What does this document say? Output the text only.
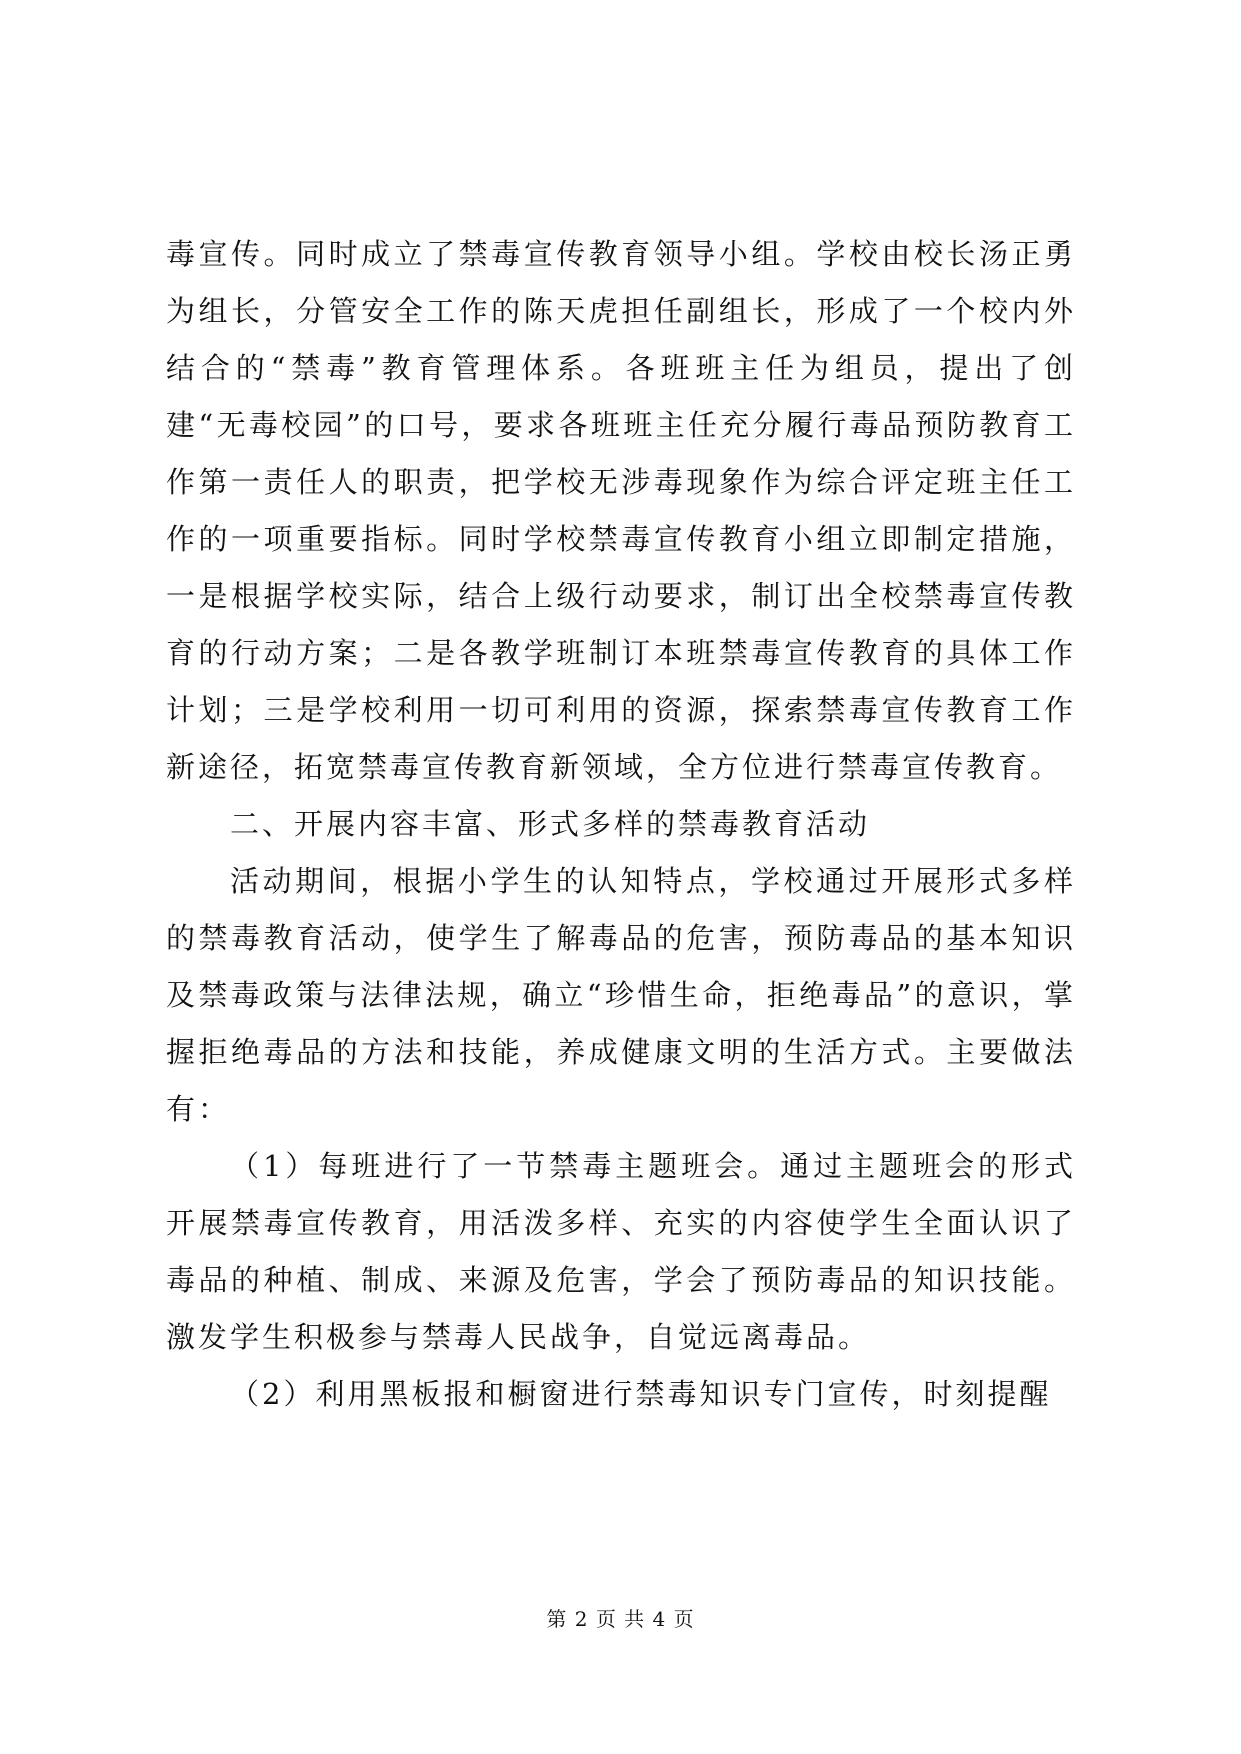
毒宣传。同时成立了禁毒宣传教育领导小组。学校由校长汤正勇为组长，分管安全工作的陈天虎担任副组长，形成了一个校内外结合的“禁毒”教育管理体系。各班班主任为组员，提出了创建“无毒校园”的口号，要求各班班主任充分履行毒品预防教育工作第一责任人的职责，把学校无涉毒现象作为综合评定班主任工作的一项重要指标。同时学校禁毒宣传教育小组立即制定措施，一是根据学校实际，结合上级行动要求，制订出全校禁毒宣传教育的行动方案；二是各教学班制订本班禁毒宣传教育的具体工作计划；三是学校利用一切可利用的资源，探索禁毒宣传教育工作新途径，拓宽禁毒宣传教育新领域，全方位进行禁毒宣传教育。

二、开展内容丰富、形式多样的禁毒教育活动

活动期间，根据小学生的认知特点，学校通过开展形式多样的禁毒教育活动，使学生了解毒品的危害，预防毒品的基本知识及禁毒政策与法律法规，确立“珍惜生命，拒绝毒品”的意识，掌握拒绝毒品的方法和技能，养成健康文明的生活方式。主要做法有：

（1）每班进行了一节禁毒主题班会。通过主题班会的形式开展禁毒宣传教育，用活泼多样、充实的内容使学生全面认识了毒品的种植、制成、来源及危害，学会了预防毒品的知识技能。激发学生积极参与禁毒人民战争，自觉远离毒品。

（2）利用黑板报和橱窗进行禁毒知识专门宣传，时刻提醒

第 2 页 共 4 页
